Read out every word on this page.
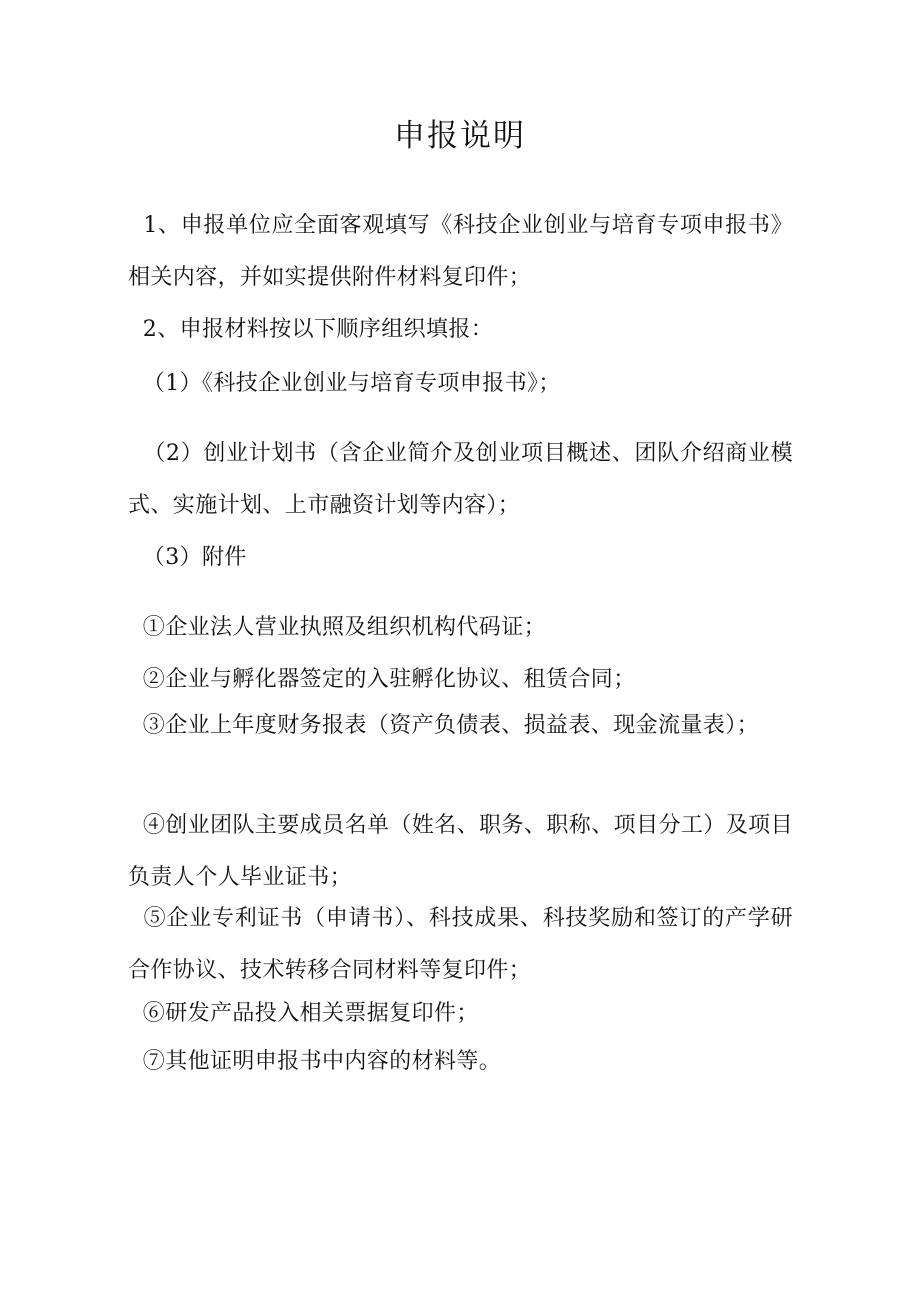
申报说明

1、申报单位应全面客观填写《科技企业创业与培育专项申报书》相关内容，并如实提供附件材料复印件；

2、申报材料按以下顺序组织填报：

（1）《科技企业创业与培育专项申报书》；

（2）创业计划书（含企业简介及创业项目概述、团队介绍商业模式、实施计划、上市融资计划等内容）；

（3）附件

①企业法人营业执照及组织机构代码证；

②企业与孵化器签定的入驻孵化协议、租赁合同；

③企业上年度财务报表（资产负债表、损益表、现金流量表）；

④创业团队主要成员名单（姓名、职务、职称、项目分工）及项目负责人个人毕业证书；

⑤企业专利证书（申请书）、科技成果、科技奖励和签订的产学研合作协议、技术转移合同材料等复印件；

⑥研发产品投入相关票据复印件；

⑦其他证明申报书中内容的材料等。
